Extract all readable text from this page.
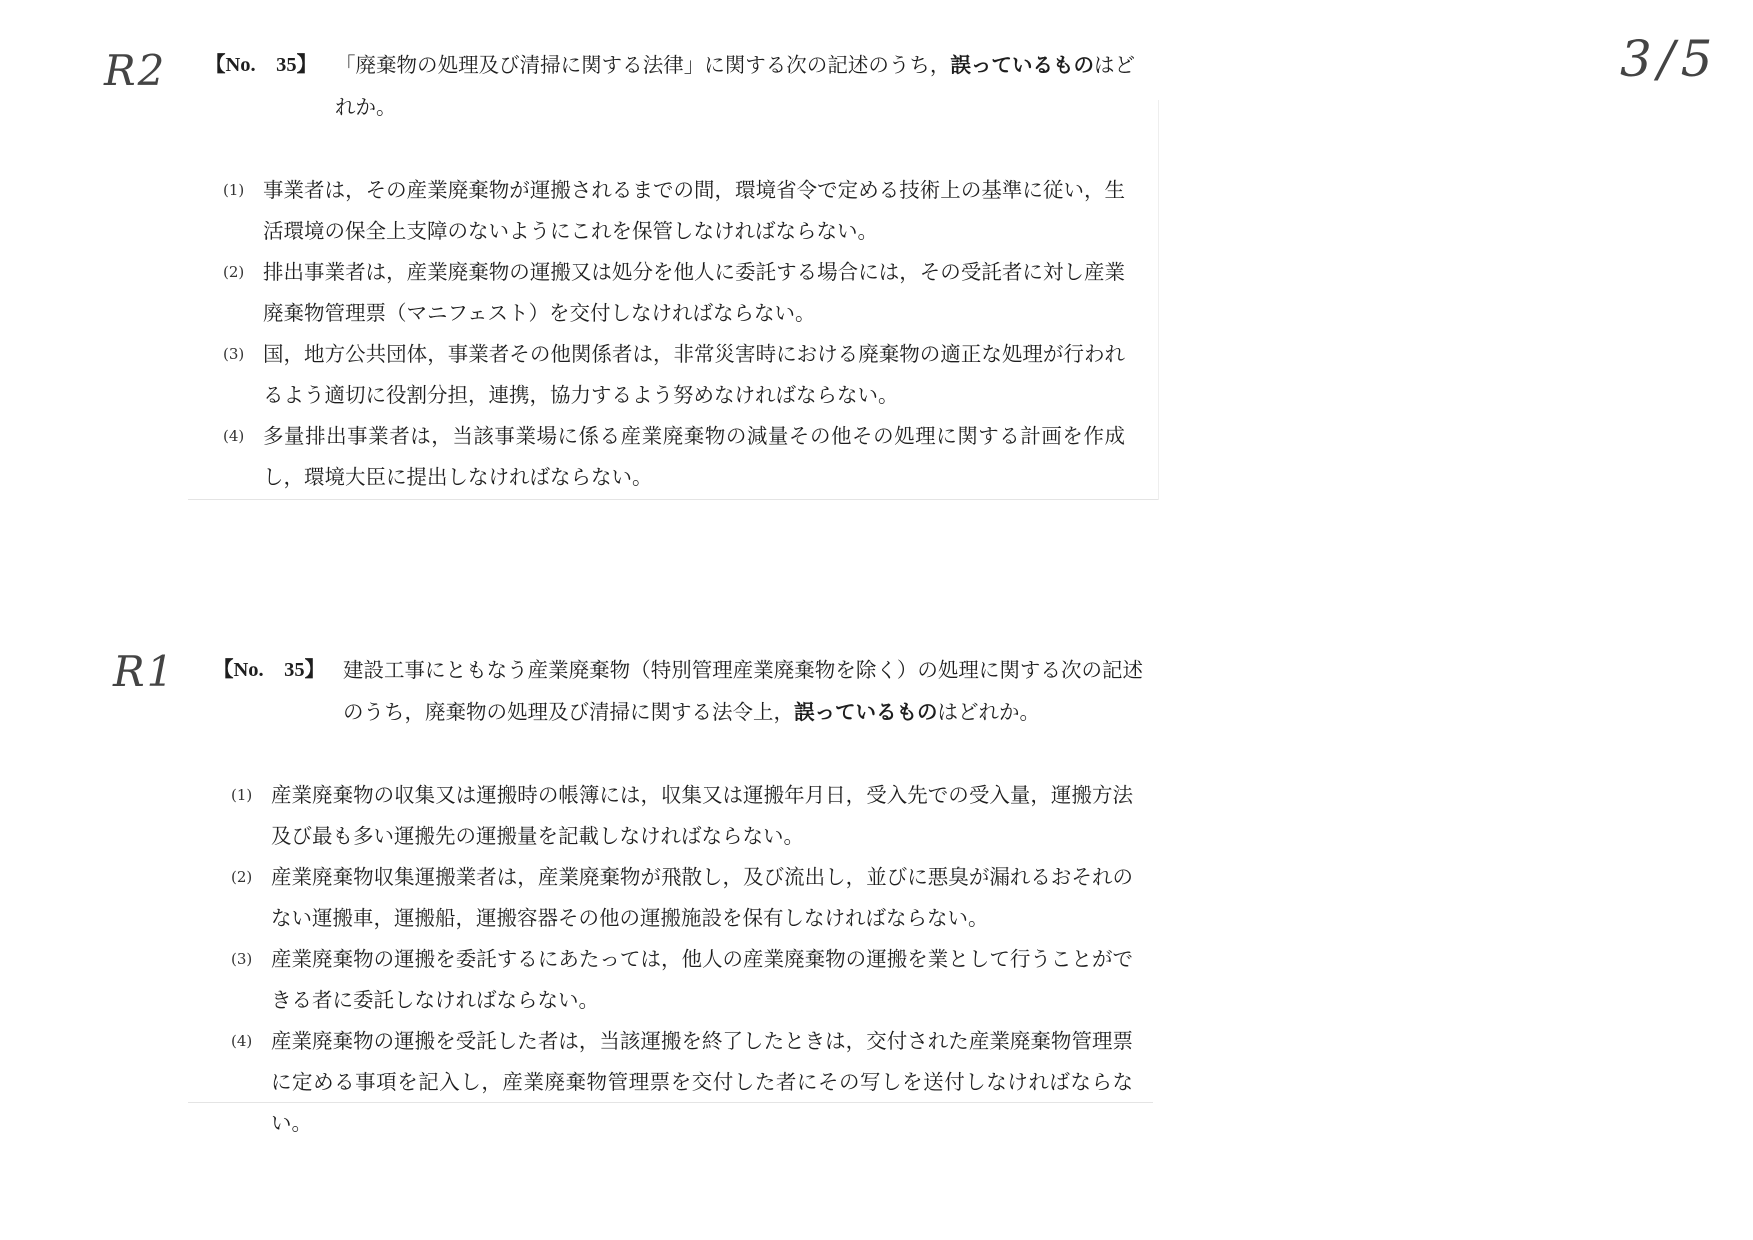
R2
R1
3/5
【No.　35】 「廃棄物の処理及び清掃に関する法律」に関する次の記述のうち，誤っているものはどれか。
(1) 事業者は，その産業廃棄物が運搬されるまでの間，環境省令で定める技術上の基準に従い，生活環境の保全上支障のないようにこれを保管しなければならない。
(2) 排出事業者は，産業廃棄物の運搬又は処分を他人に委託する場合には，その受託者に対し産業廃棄物管理票（マニフェスト）を交付しなければならない。
(3) 国，地方公共団体，事業者その他関係者は，非常災害時における廃棄物の適正な処理が行われるよう適切に役割分担，連携，協力するよう努めなければならない。
(4) 多量排出事業者は，当該事業場に係る産業廃棄物の減量その他その処理に関する計画を作成し，環境大臣に提出しなければならない。
【No.　35】 建設工事にともなう産業廃棄物（特別管理産業廃棄物を除く）の処理に関する次の記述のうち，廃棄物の処理及び清掃に関する法令上，誤っているものはどれか。
(1) 産業廃棄物の収集又は運搬時の帳簿には，収集又は運搬年月日，受入先での受入量，運搬方法及び最も多い運搬先の運搬量を記載しなければならない。
(2) 産業廃棄物収集運搬業者は，産業廃棄物が飛散し，及び流出し，並びに悪臭が漏れるおそれのない運搬車，運搬船，運搬容器その他の運搬施設を保有しなければならない。
(3) 産業廃棄物の運搬を委託するにあたっては，他人の産業廃棄物の運搬を業として行うことができる者に委託しなければならない。
(4) 産業廃棄物の運搬を受託した者は，当該運搬を終了したときは，交付された産業廃棄物管理票に定める事項を記入し，産業廃棄物管理票を交付した者にその写しを送付しなければならない。
